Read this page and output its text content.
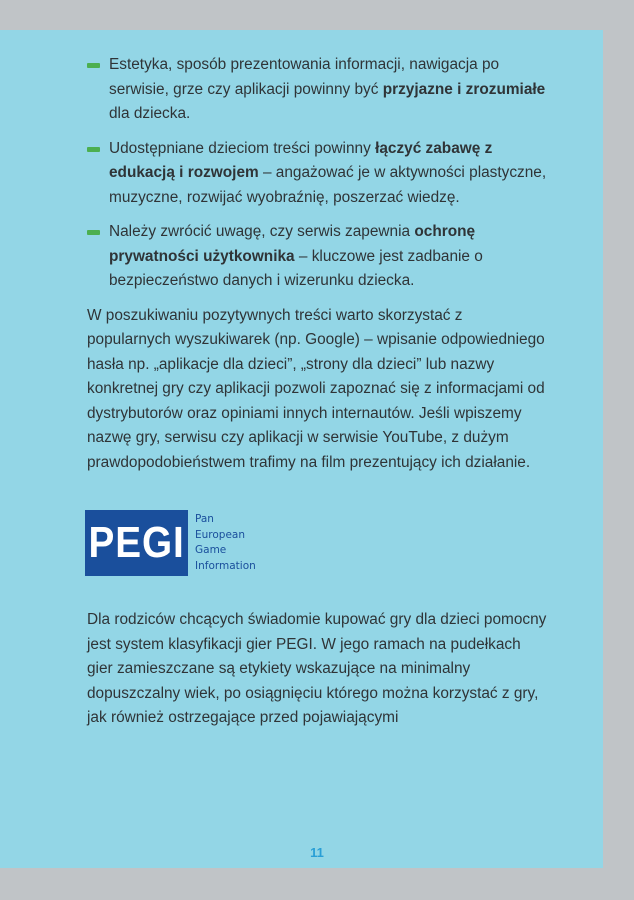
Estetyka, sposób prezentowania informacji, nawigacja po serwisie, grze czy aplikacji powinny być przyjazne i zrozumiałe dla dziecka.
Udostępniane dzieciom treści powinny łączyć zabawę z edukacją i rozwojem – angażować je w aktywności plastyczne, muzyczne, rozwijać wyobraźnię, poszerzać wiedzę.
Należy zwrócić uwagę, czy serwis zapewnia ochronę prywatności użytkownika – kluczowe jest zadbanie o bezpieczeństwo danych i wizerunku dziecka.

W poszukiwaniu pozytywnych treści warto skorzystać z popularnych wyszukiwarek (np. Google) – wpisanie odpowiedniego hasła np. „aplikacje dla dzieci”, „strony dla dzieci” lub nazwy konkretnej gry czy aplikacji pozwoli zapoznać się z informacjami od dystrybutorów oraz opiniami innych internautów. Jeśli wpiszemy nazwę gry, serwisu czy aplikacji w serwisie YouTube, z dużym prawdopodobieństwem trafimy na film prezentujący ich działanie.

PEGI Pan
European
Game
Information

Dla rodziców chcących świadomie kupować gry dla dzieci pomocny jest system klasyfikacji gier PEGI. W jego ramach na pudełkach gier zamieszczane są etykiety wskazujące na minimalny dopuszczalny wiek, po osiągnięciu którego można korzystać z gry, jak również ostrzegające przed pojawiającymi

11
